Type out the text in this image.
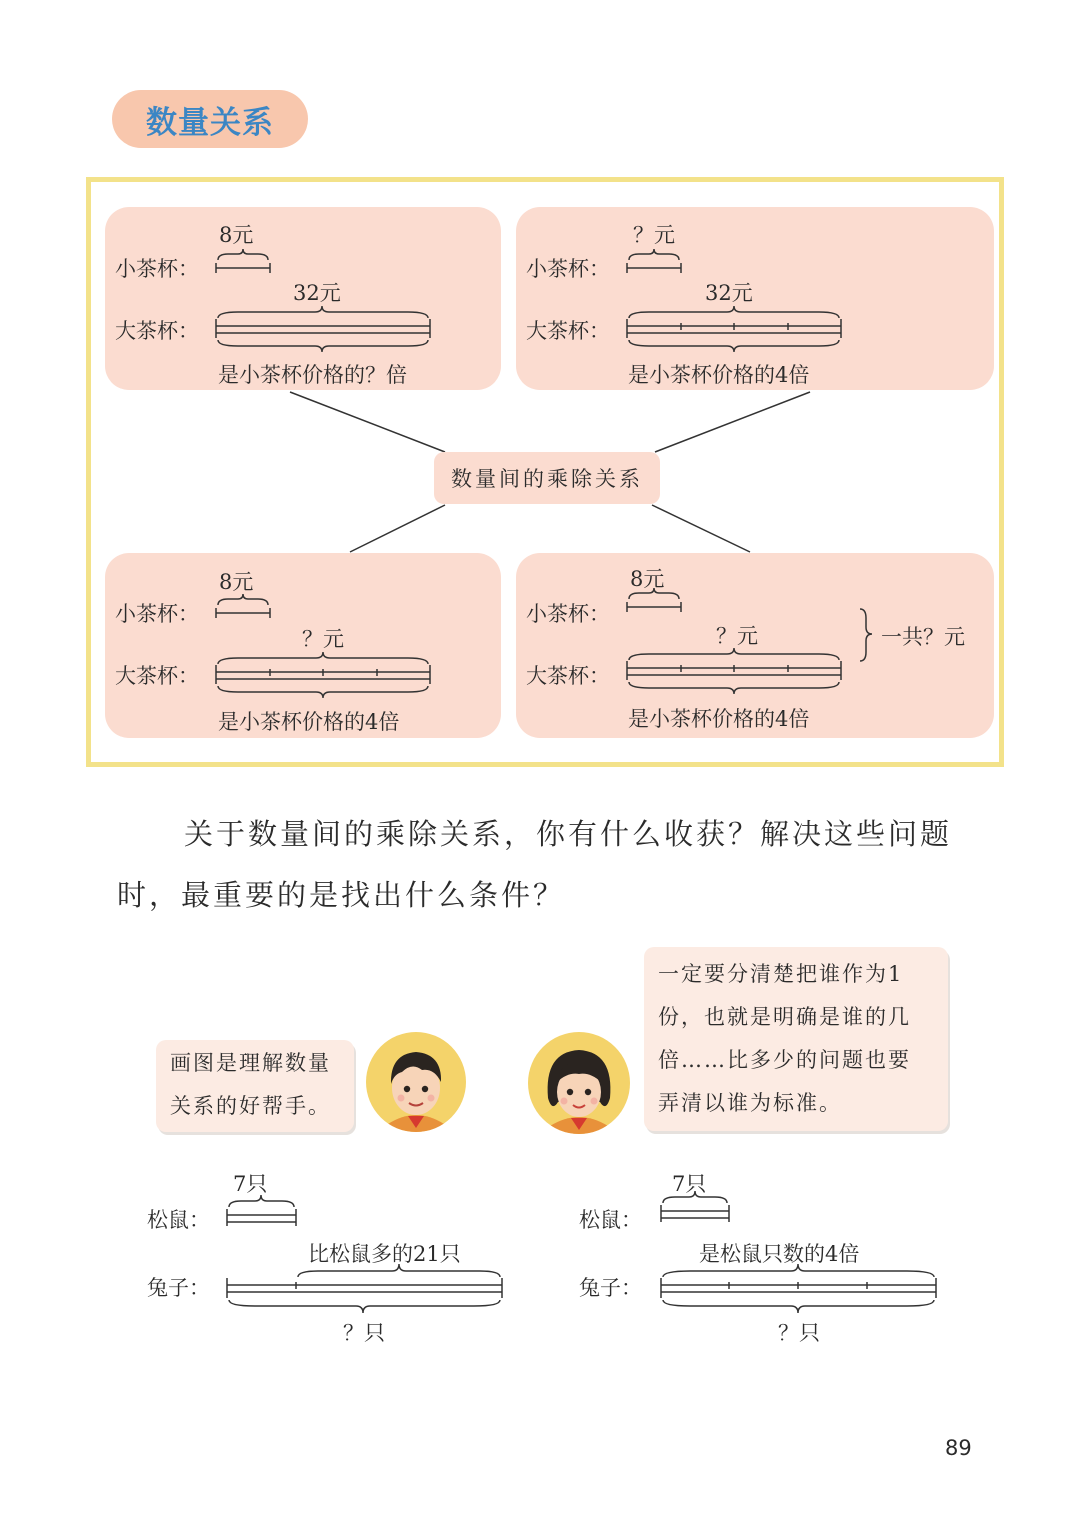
数量关系
8元
小茶杯：
32元
大茶杯：
是小茶杯价格的？倍
？元
小茶杯：
32元
大茶杯：
是小茶杯价格的4倍
数量间的乘除关系
8元
小茶杯：
？元
大茶杯：
是小茶杯价格的4倍
8元
小茶杯：
？元
大茶杯：
是小茶杯价格的4倍
一共？元
关于数量间的乘除关系，你有什么收获？解决这些问题
时，最重要的是找出什么条件？
画图是理解数量
关系的好帮手。
一定要分清楚把谁作为1
份，也就是明确是谁的几
倍……比多少的问题也要
弄清以谁为标准。
7只
松鼠：
比松鼠多的21只
兔子：
？只
7只
松鼠：
是松鼠只数的4倍
兔子：
？只
89
